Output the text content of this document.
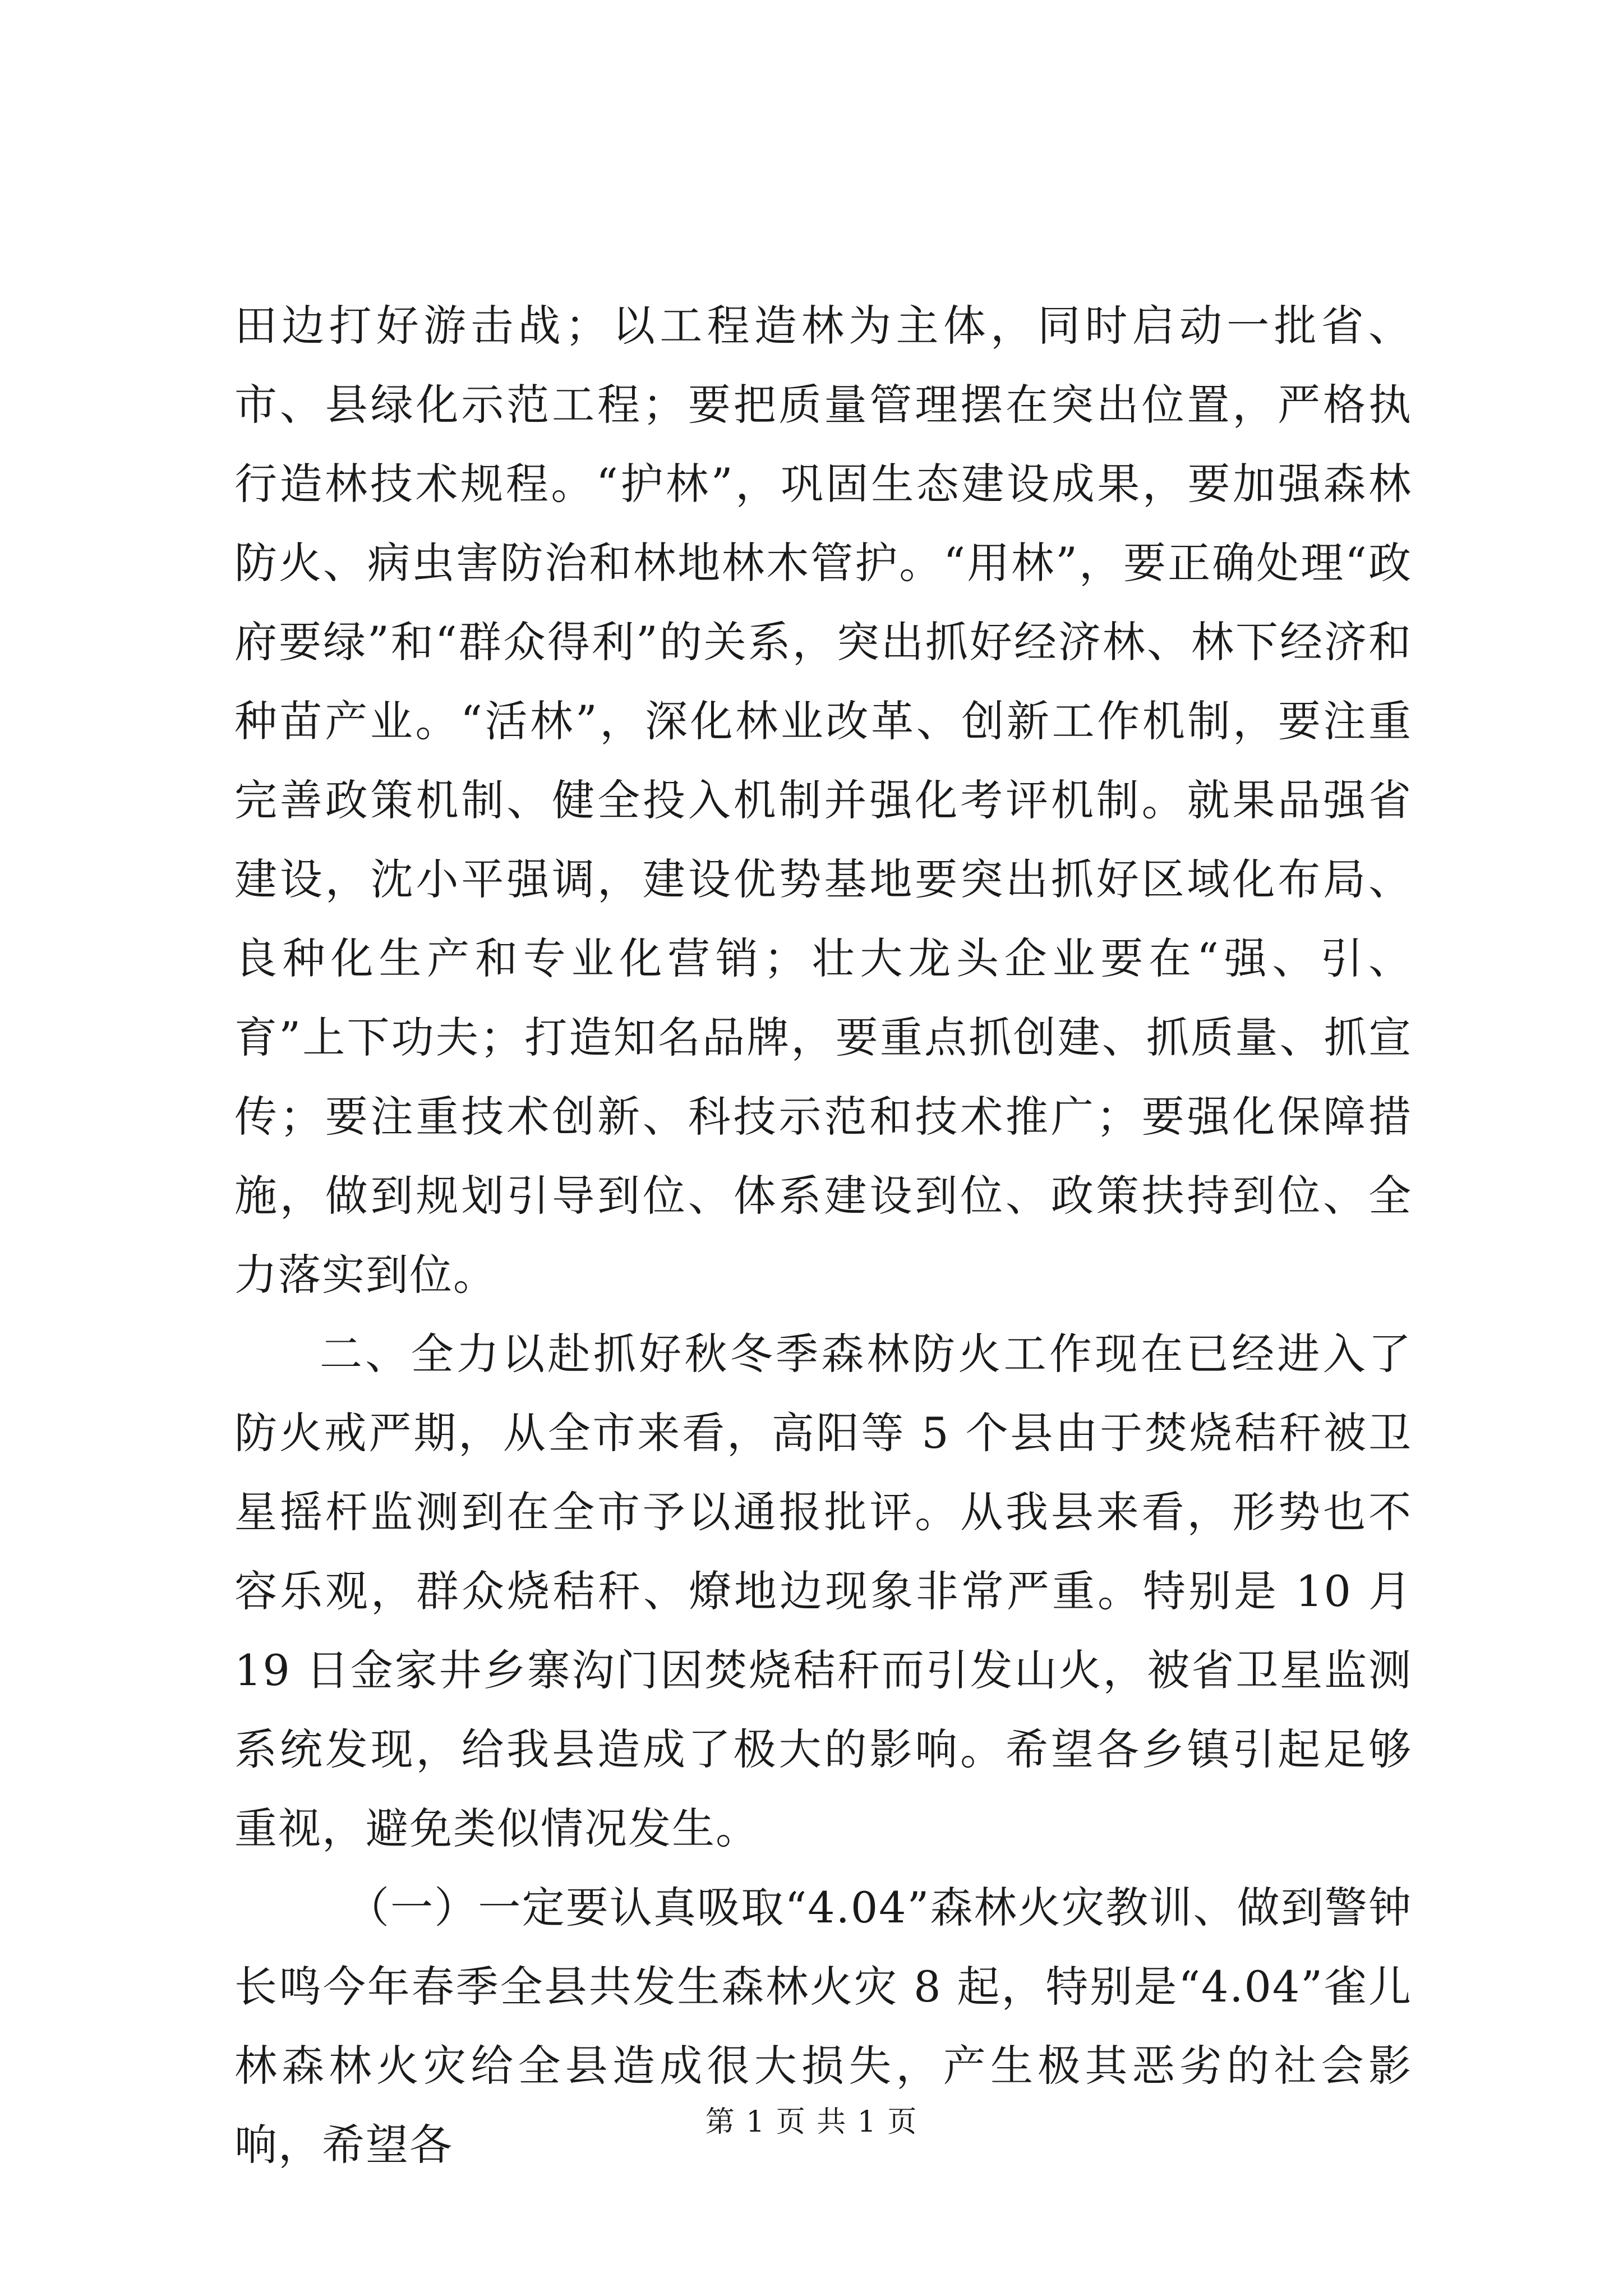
田边打好游击战；以工程造林为主体，同时启动一批省、市、县绿化示范工程；要把质量管理摆在突出位置，严格执行造林技术规程。“护林”，巩固生态建设成果，要加强森林防火、病虫害防治和林地林木管护。“用林”，要正确处理“政府要绿”和“群众得利”的关系，突出抓好经济林、林下经济和种苗产业。“活林”，深化林业改革、创新工作机制，要注重完善政策机制、健全投入机制并强化考评机制。就果品强省建设，沈小平强调，建设优势基地要突出抓好区域化布局、良种化生产和专业化营销；壮大龙头企业要在“强、引、育”上下功夫；打造知名品牌，要重点抓创建、抓质量、抓宣传；要注重技术创新、科技示范和技术推广；要强化保障措施，做到规划引导到位、体系建设到位、政策扶持到位、全力落实到位。

二、全力以赴抓好秋冬季森林防火工作现在已经进入了防火戒严期，从全市来看，高阳等 5 个县由于焚烧秸秆被卫星摇杆监测到在全市予以通报批评。从我县来看，形势也不容乐观，群众烧秸秆、燎地边现象非常严重。特别是 10 月 19 日金家井乡寨沟门因焚烧秸秆而引发山火，被省卫星监测系统发现，给我县造成了极大的影响。希望各乡镇引起足够重视，避免类似情况发生。

（一）一定要认真吸取“4.04”森林火灾教训、做到警钟长鸣今年春季全县共发生森林火灾 8 起，特别是“4.04”雀儿林森林火灾给全县造成很大损失，产生极其恶劣的社会影响，希望各	第 1 页 共 1 页
